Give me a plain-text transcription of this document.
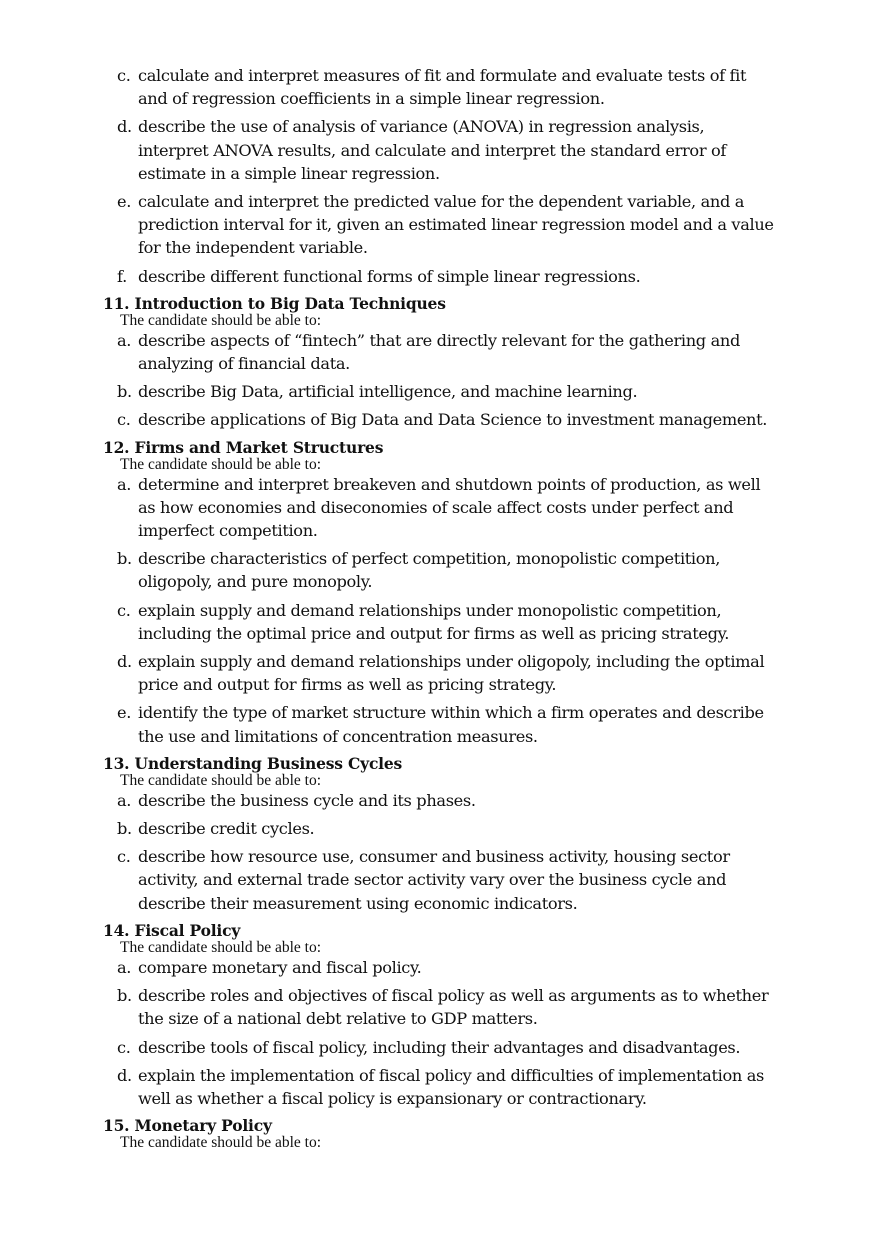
c. calculate and interpret measures of fit and formulate and evaluate tests of fit and of regression coefficients in a simple linear regression.
d. describe the use of analysis of variance (ANOVA) in regression analysis, interpret ANOVA results, and calculate and interpret the standard error of estimate in a simple linear regression.
e. calculate and interpret the predicted value for the dependent variable, and a prediction interval for it, given an estimated linear regression model and a value for the independent variable.
f. describe different functional forms of simple linear regressions.
11. Introduction to Big Data Techniques
The candidate should be able to:
a. describe aspects of “fintech” that are directly relevant for the gathering and analyzing of financial data.
b. describe Big Data, artificial intelligence, and machine learning.
c. describe applications of Big Data and Data Science to investment management.
12. Firms and Market Structures
The candidate should be able to:
a. determine and interpret breakeven and shutdown points of production, as well as how economies and diseconomies of scale affect costs under perfect and imperfect competition.
b. describe characteristics of perfect competition, monopolistic competition, oligopoly, and pure monopoly.
c. explain supply and demand relationships under monopolistic competition, including the optimal price and output for firms as well as pricing strategy.
d. explain supply and demand relationships under oligopoly, including the optimal price and output for firms as well as pricing strategy.
e. identify the type of market structure within which a firm operates and describe the use and limitations of concentration measures.
13. Understanding Business Cycles
The candidate should be able to:
a. describe the business cycle and its phases.
b. describe credit cycles.
c. describe how resource use, consumer and business activity, housing sector activity, and external trade sector activity vary over the business cycle and describe their measurement using economic indicators.
14. Fiscal Policy
The candidate should be able to:
a. compare monetary and fiscal policy.
b. describe roles and objectives of fiscal policy as well as arguments as to whether the size of a national debt relative to GDP matters.
c. describe tools of fiscal policy, including their advantages and disadvantages.
d. explain the implementation of fiscal policy and difficulties of implementation as well as whether a fiscal policy is expansionary or contractionary.
15. Monetary Policy
The candidate should be able to:
